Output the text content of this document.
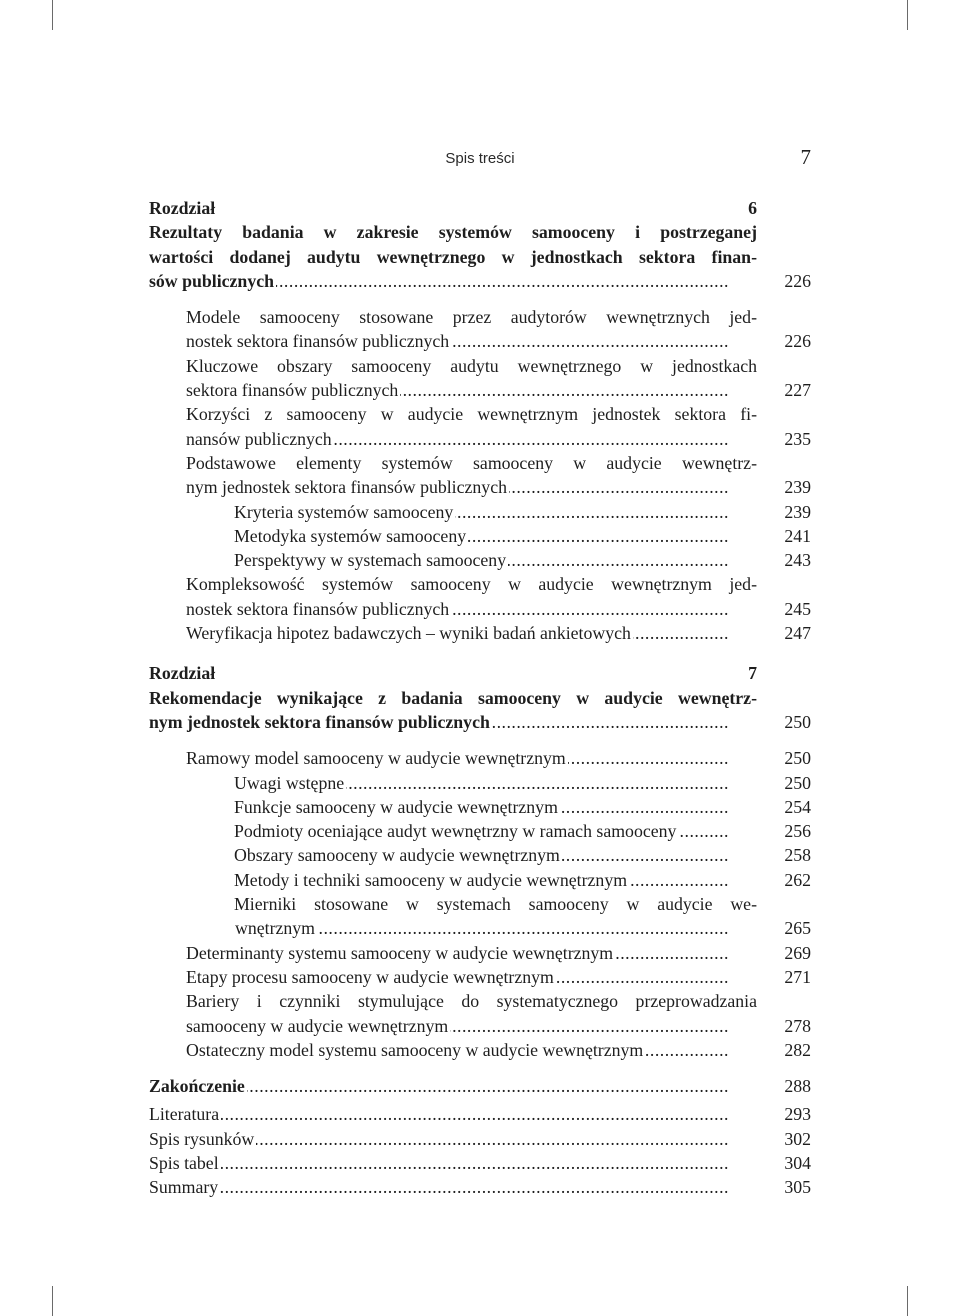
Spis treści	7
Rozdział 6
Rezultaty badania w zakresie systemów samooceny i postrzeganej
wartości dodanej audytu wewnętrznego w jednostkach sektora finan-
sów publicznych .....	226
Modele samooceny stosowane przez audytorów wewnętrznych jed-
nostek sektora finansów publicznych .....	226
Kluczowe obszary samooceny audytu wewnętrznego w jednostkach
sektora finansów publicznych .....	227
Korzyści z samooceny w audycie wewnętrznym jednostek sektora fi-
nansów publicznych .....	235
Podstawowe elementy systemów samooceny w audycie wewnętrz-
nym jednostek sektora finansów publicznych .....	239
Kryteria systemów samooceny .....	239
Metodyka systemów samooceny .....	241
Perspektywy w systemach samooceny .....	243
Kompleksowość systemów samooceny w audycie wewnętrznym jed-
nostek sektora finansów publicznych .....	245
Weryfikacja hipotez badawczych – wyniki badań ankietowych .....	247
Rozdział 7
Rekomendacje wynikające z badania samooceny w audycie wewnętrz-
nym jednostek sektora finansów publicznych .....	250
Ramowy model samooceny w audycie wewnętrznym .....	250
Uwagi wstępne .....	250
Funkcje samooceny w audycie wewnętrznym .....	254
Podmioty oceniające audyt wewnętrzny w ramach samooceny .....	256
Obszary samooceny w audycie wewnętrznym .....	258
Metody i techniki samooceny w audycie wewnętrznym .....	262
Mierniki stosowane w systemach samooceny w audycie we-
wnętrznym .....	265
Determinanty systemu samooceny w audycie wewnętrznym .....	269
Etapy procesu samooceny w audycie wewnętrznym .....	271
Bariery i czynniki stymulujące do systematycznego przeprowadzania
samooceny w audycie wewnętrznym .....	278
Ostateczny model systemu samooceny w audycie wewnętrznym .....	282
Zakończenie .....	288
Literatura .....	293
Spis rysunków .....	302
Spis tabel .....	304
Summary .....	305
